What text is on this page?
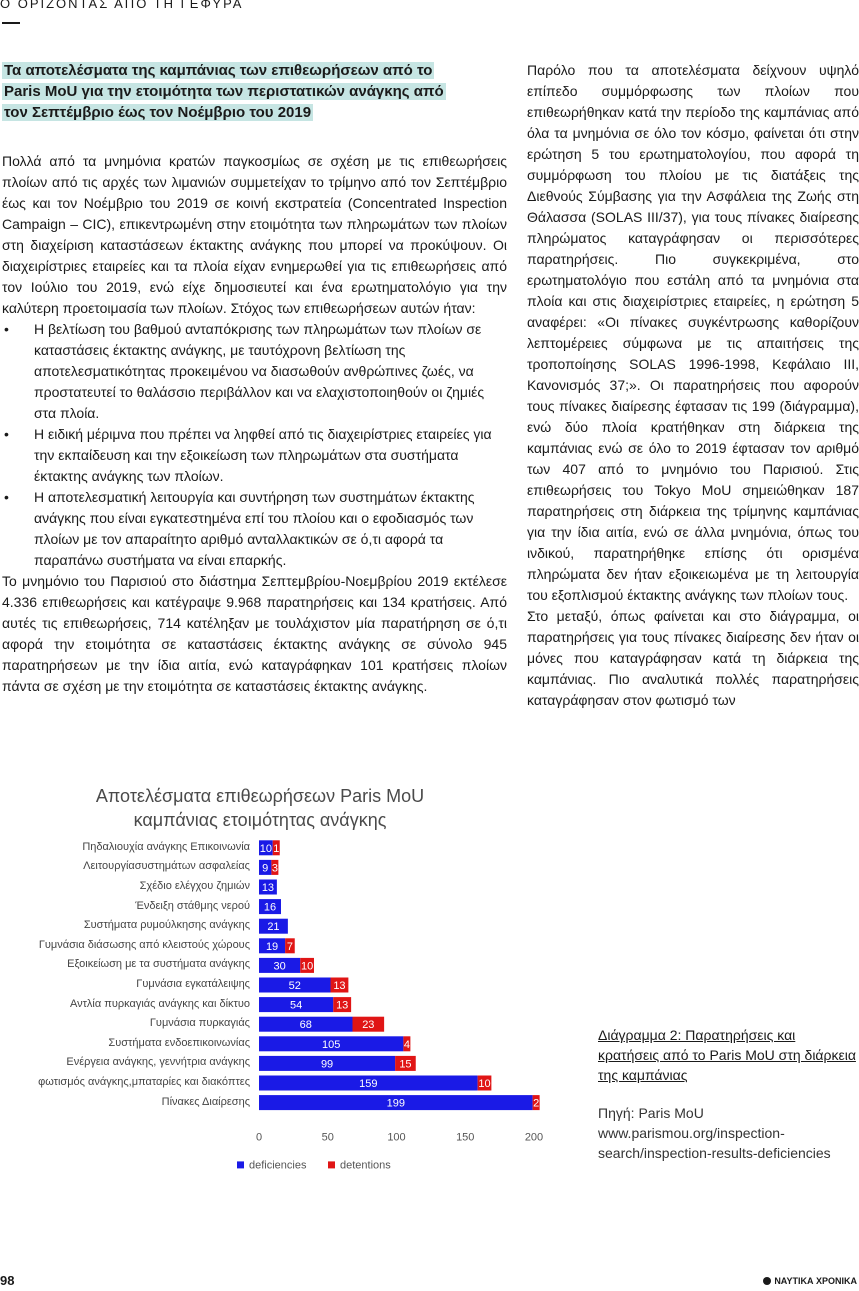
Ο ΟΡΙΖΟΝΤΑΣ ΑΠΟ ΤΗ ΓΕΦΥΡΑ
Τα αποτελέσματα της καμπάνιας των επιθεωρήσεων από το Paris MoU για την ετοιμότητα των περιστατικών ανάγκης από τον Σεπτέμβριο έως τον Νοέμβριο του 2019

Πολλά από τα μνημόνια κρατών παγκοσμίως σε σχέση με τις επιθεωρήσεις πλοίων από τις αρχές των λιμανιών συμμετείχαν το τρίμηνο από τον Σεπτέμβριο έως και τον Νοέμβριο του 2019 σε κοινή εκστρατεία (Concentrated Inspection Campaign – CIC), επικεντρωμένη στην ετοιμότητα των πληρωμάτων των πλοίων στη διαχείριση καταστάσεων έκτακτης ανάγκης που μπορεί να προκύψουν. Οι διαχειρίστριες εταιρείες και τα πλοία είχαν ενημερωθεί για τις επιθεωρήσεις από τον Ιούλιο του 2019, ενώ είχε δημοσιευτεί και ένα ερωτηματολόγιο για την καλύτερη προετοιμασία των πλοίων. Στόχος των επιθεωρήσεων αυτών ήταν:

• Η βελτίωση του βαθμού ανταπόκρισης των πληρωμάτων των πλοίων σε καταστάσεις έκτακτης ανάγκης, με ταυτόχρονη βελτίωση της αποτελεσματικότητας προκειμένου να διασωθούν ανθρώπινες ζωές, να προστατευτεί το θαλάσσιο περιβάλλον και να ελαχιστοποιηθούν οι ζημιές στα πλοία.
• Η ειδική μέριμνα που πρέπει να ληφθεί από τις διαχειρίστριες εταιρείες για την εκπαίδευση και την εξοικείωση των πληρωμάτων στα συστήματα έκτακτης ανάγκης των πλοίων.
• Η αποτελεσματική λειτουργία και συντήρηση των συστημάτων έκτακτης ανάγκης που είναι εγκατεστημένα επί του πλοίου και ο εφοδιασμός των πλοίων με τον απαραίτητο αριθμό ανταλλακτικών σε ό,τι αφορά τα παραπάνω συστήματα να είναι επαρκής.

Το μνημόνιο του Παρισιού στο διάστημα Σεπτεμβρίου-Νοεμβρίου 2019 εκτέλεσε 4.336 επιθεωρήσεις και κατέγραψε 9.968 παρατηρήσεις και 134 κρατήσεις. Από αυτές τις επιθεωρήσεις, 714 κατέληξαν με τουλάχιστον μία παρατήρηση σε ό,τι αφορά την ετοιμότητα σε καταστάσεις έκτακτης ανάγκης σε σύνολο 945 παρατηρήσεων με την ίδια αιτία, ενώ καταγράφηκαν 101 κρατήσεις πλοίων πάντα σε σχέση με την ετοιμότητα σε καταστάσεις έκτακτης ανάγκης.

Παρόλο που τα αποτελέσματα δείχνουν υψηλό επίπεδο συμμόρφωσης των πλοίων που επιθεωρήθηκαν κατά την περίοδο της καμπάνιας από όλα τα μνημόνια σε όλο τον κόσμο, φαίνεται ότι στην ερώτηση 5 του ερωτηματολογίου, που αφορά τη συμμόρφωση του πλοίου με τις διατάξεις της Διεθνούς Σύμβασης για την Ασφάλεια της Ζωής στη Θάλασσα (SOLAS III/37), για τους πίνακες διαίρεσης πληρώματος καταγράφησαν οι περισσότερες παρατηρήσεις. Πιο συγκεκριμένα, στο ερωτηματολόγιο που εστάλη από τα μνημόνια στα πλοία και στις διαχειρίστριες εταιρείες, η ερώτηση 5 αναφέρει: «Οι πίνακες συγκέντρωσης καθορίζουν λεπτομέρειες σύμφωνα με τις απαιτήσεις της τροποποίησης SOLAS 1996-1998, Κεφάλαιο III, Κανονισμός 37;». Οι παρατηρήσεις που αφορούν τους πίνακες διαίρεσης έφτασαν τις 199 (διάγραμμα), ενώ δύο πλοία κρατήθηκαν στη διάρκεια της καμπάνιας ενώ σε όλο το 2019 έφτασαν τον αριθμό των 407 από το μνημόνιο του Παρισιού. Στις επιθεωρήσεις του Tokyo MoU σημειώθηκαν 187 παρατηρήσεις στη διάρκεια της τρίμηνης καμπάνιας για την ίδια αιτία, ενώ σε άλλα μνημόνια, όπως του ινδικού, παρατηρήθηκε επίσης ότι ορισμένα πληρώματα δεν ήταν εξοικειωμένα με τη λειτουργία του εξοπλισμού έκτακτης ανάγκης των πλοίων τους.

Στο μεταξύ, όπως φαίνεται και στο διάγραμμα, οι παρατηρήσεις για τους πίνακες διαίρεσης δεν ήταν οι μόνες που καταγράφησαν κατά τη διάρκεια της καμπάνιας. Πιο αναλυτικά πολλές παρατηρήσεις καταγράφησαν στον φωτισμό των

Αποτελέσματα επιθεωρήσεων Paris MoU
καμπάνιας ετοιμότητας ανάγκης
Πηδαλιουχία ανάγκης Επικοινωνία
Λειτουργίασυστημάτων ασφαλείας
Σχέδιο ελέγχου ζημιών
Ένδειξη στάθμης νερού
Συστήματα ρυμούλκησης ανάγκης
Γυμνάσια διάσωσης από κλειστούς χώρους
Εξοικείωση με τα συστήματα ανάγκης
Γυμνάσια εγκατάλειψης
Αντλία πυρκαγιάς ανάγκης και δίκτυο
Γυμνάσια πυρκαγιάς
Συστήματα ενδοεπικοινωνίας
Ενέργεια ανάγκης, γεννήτρια ανάγκης
φωτισμός ανάγκης,μπαταρίες και διακόπτες
Πίνακες Διαίρεσης
10 1
9 3
13
16
21
19 7
30 10
52	13
54	13
68	23
105	4
99	15
159	10
199	2
0	50	100	150	200
deficiencies	detentions

Διάγραμμα 2: Παρατηρήσεις και κρατήσεις από το Paris MoU στη διάρκεια της καμπάνιας

Πηγή: Paris MoU

www.parismou.org/inspection-search/inspection-results-deficiencies

98	ΝΑΥΤΙΚΑ ΧΡΟΝΙΚΑ
